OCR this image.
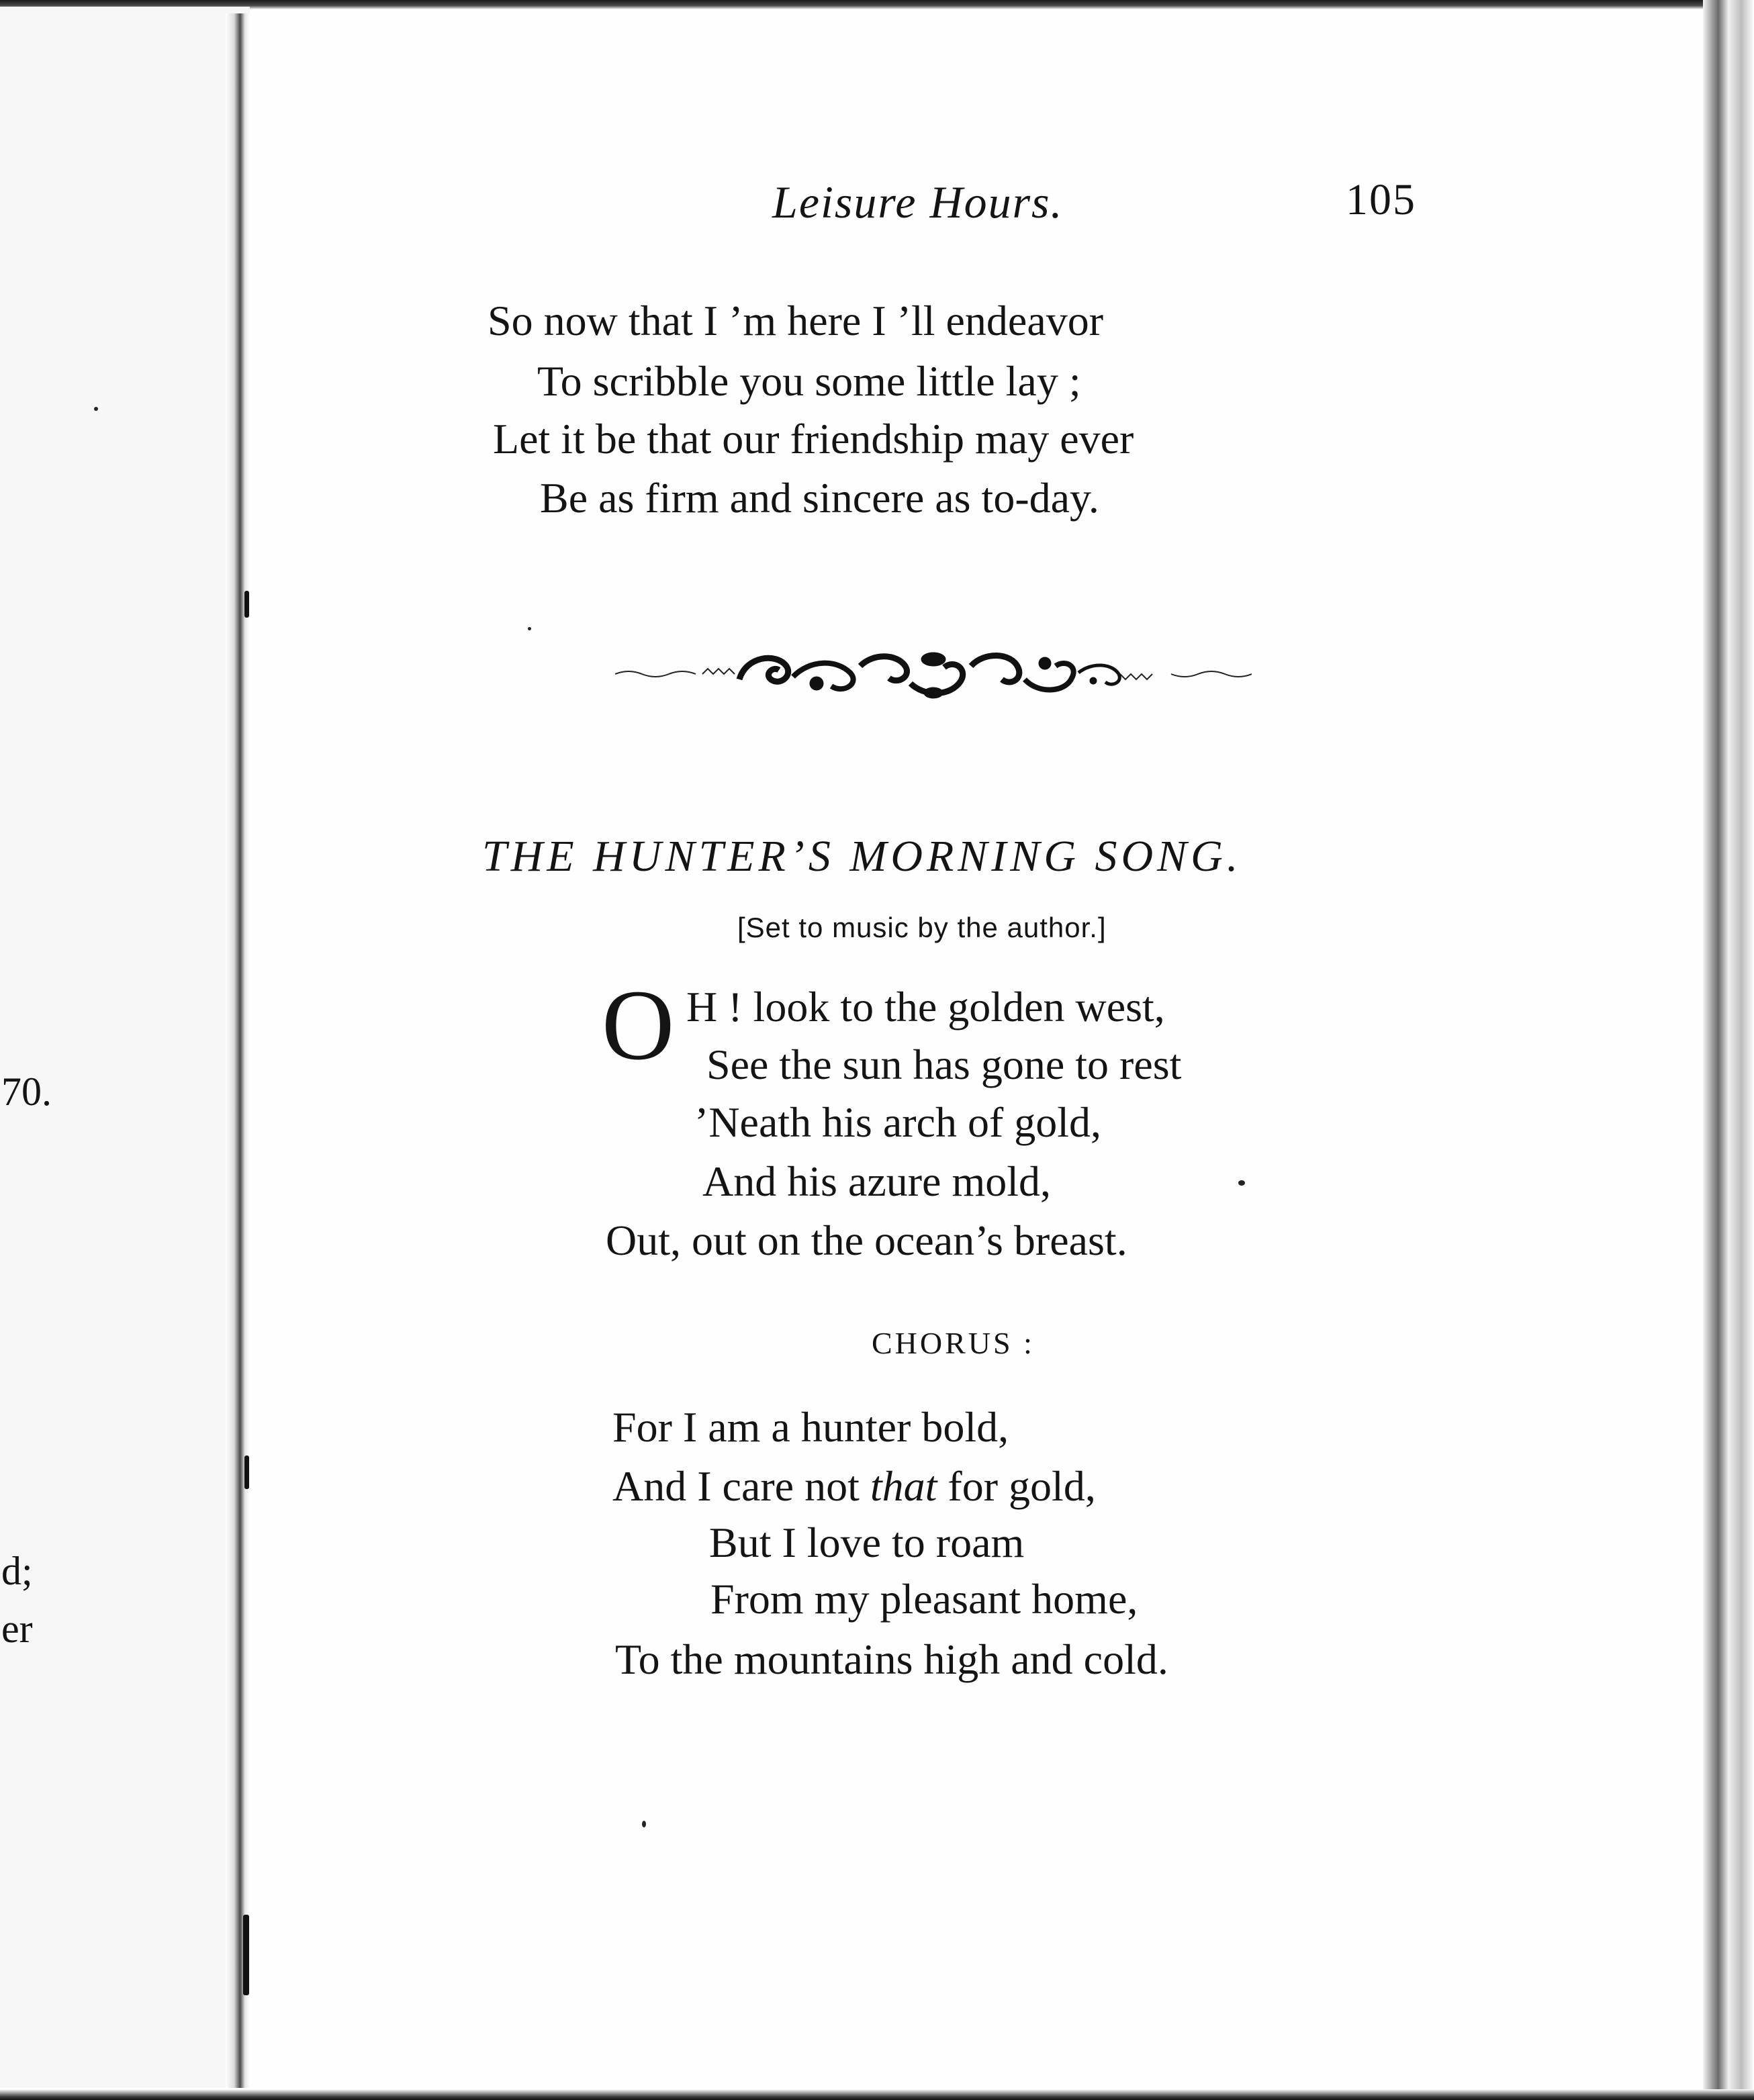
70.
d;
er
Leisure Hours.	105
So now that I ’m here I ’ll endeavor
To scribble you some little lay ;
Let it be that our friendship may ever
Be as firm and sincere as to-day.
THE HUNTER’S MORNING SONG.
[Set to music by the author.]
O H ! look to the golden west,
See the sun has gone to rest
’Neath his arch of gold,
And his azure mold,
Out, out on the ocean’s breast.
CHORUS :
For I am a hunter bold,
And I care not that for gold,
But I love to roam
From my pleasant home,
To the mountains high and cold.
